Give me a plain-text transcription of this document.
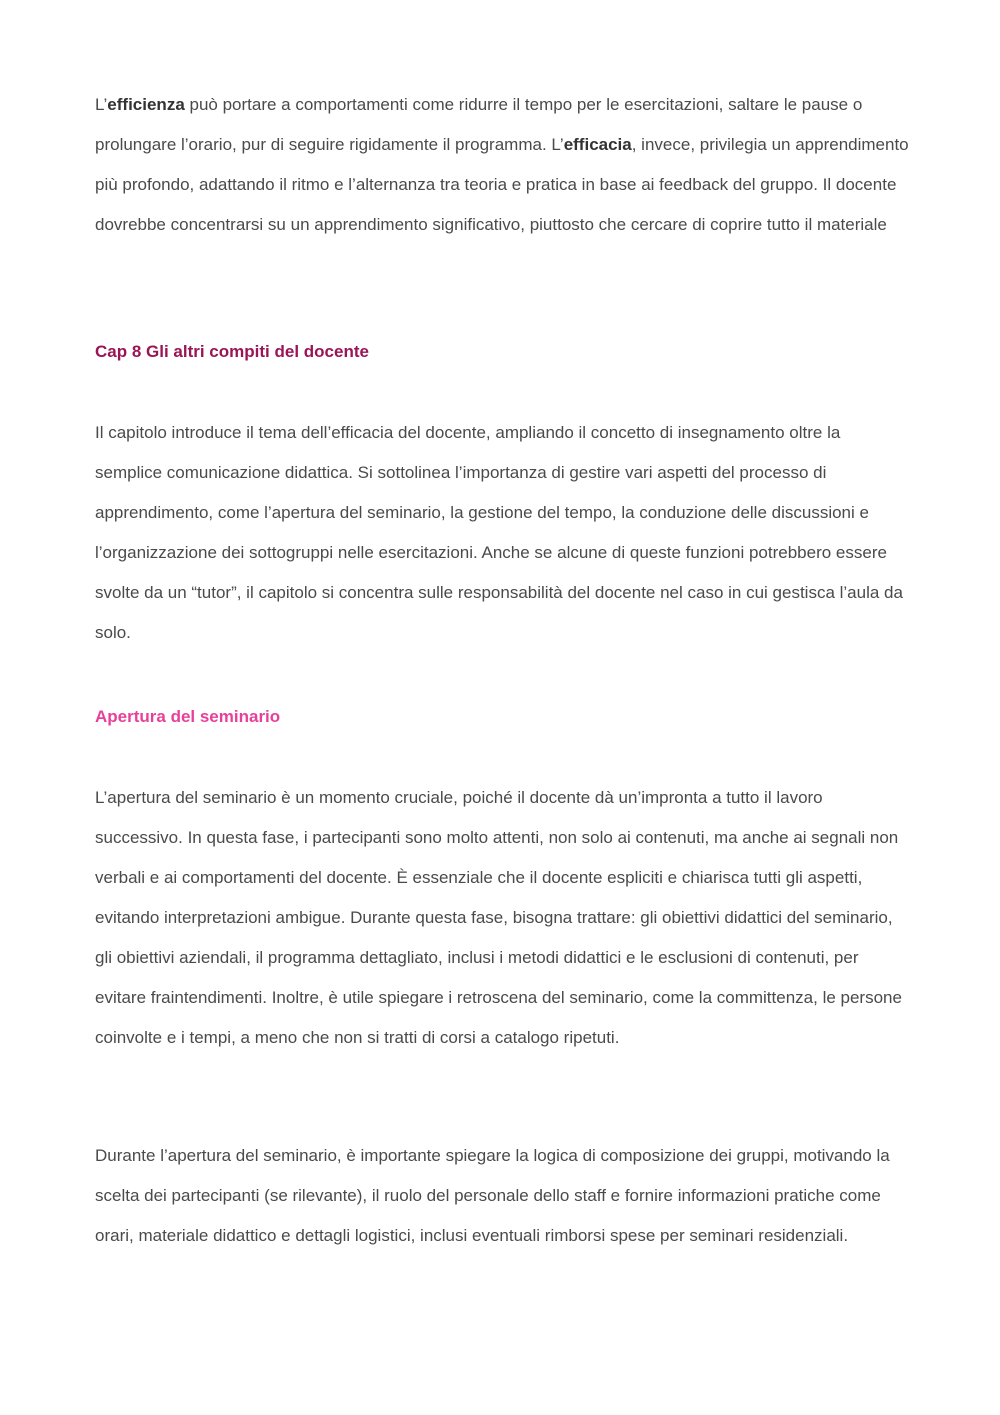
L’efficienza può portare a comportamenti come ridurre il tempo per le esercitazioni, saltare le pause o prolungare l’orario, pur di seguire rigidamente il programma. L’efficacia, invece, privilegia un apprendimento più profondo, adattando il ritmo e l’alternanza tra teoria e pratica in base ai feedback del gruppo. Il docente dovrebbe concentrarsi su un apprendimento significativo, piuttosto che cercare di coprire tutto il materiale

Cap 8 Gli altri compiti del docente

Il capitolo introduce il tema dell’efficacia del docente, ampliando il concetto di insegnamento oltre la semplice comunicazione didattica. Si sottolinea l’importanza di gestire vari aspetti del processo di apprendimento, come l’apertura del seminario, la gestione del tempo, la conduzione delle discussioni e l’organizzazione dei sottogruppi nelle esercitazioni. Anche se alcune di queste funzioni potrebbero essere svolte da un “tutor”, il capitolo si concentra sulle responsabilità del docente nel caso in cui gestisca l’aula da solo.

Apertura del seminario

L’apertura del seminario è un momento cruciale, poiché il docente dà un’impronta a tutto il lavoro successivo. In questa fase, i partecipanti sono molto attenti, non solo ai contenuti, ma anche ai segnali non verbali e ai comportamenti del docente. È essenziale che il docente espliciti e chiarisca tutti gli aspetti, evitando interpretazioni ambigue. Durante questa fase, bisogna trattare: gli obiettivi didattici del seminario, gli obiettivi aziendali, il programma dettagliato, inclusi i metodi didattici e le esclusioni di contenuti, per evitare fraintendimenti. Inoltre, è utile spiegare i retroscena del seminario, come la committenza, le persone coinvolte e i tempi, a meno che non si tratti di corsi a catalogo ripetuti.

Durante l’apertura del seminario, è importante spiegare la logica di composizione dei gruppi, motivando la scelta dei partecipanti (se rilevante), il ruolo del personale dello staff e fornire informazioni pratiche come orari, materiale didattico e dettagli logistici, inclusi eventuali rimborsi spese per seminari residenziali.
